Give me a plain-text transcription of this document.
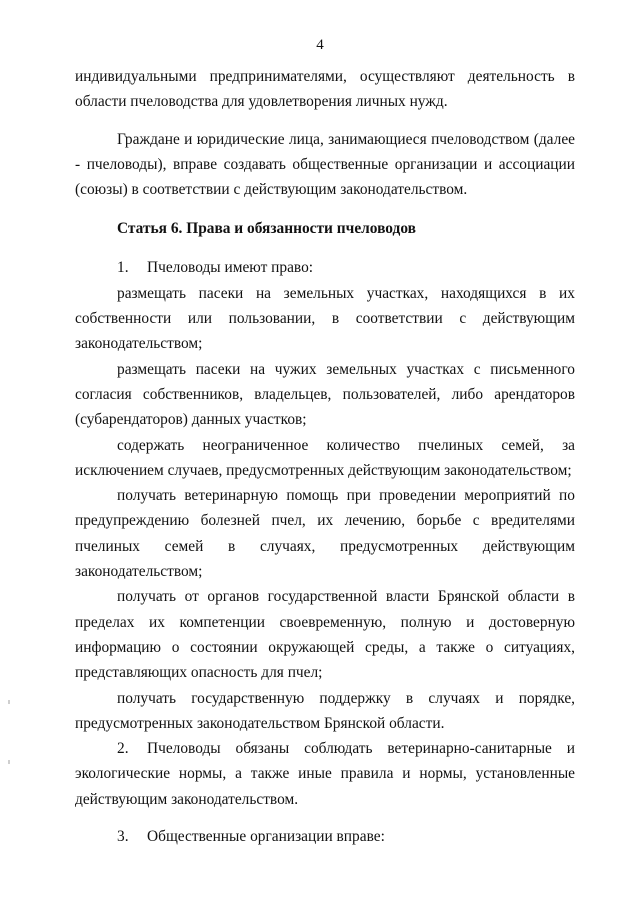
4

индивидуальными предпринимателями, осуществляют деятельность в области пчеловодства для удовлетворения личных нужд.

Граждане и юридические лица, занимающиеся пчеловодством (далее - пчеловоды), вправе создавать общественные организации и ассоциации (союзы) в соответствии с действующим законодательством.

Статья 6. Права и обязанности пчеловодов

1. Пчеловоды имеют право:

размещать пасеки на земельных участках, находящихся в их собственности или пользовании, в соответствии с действующим законодательством;

размещать пасеки на чужих земельных участках с письменного согласия собственников, владельцев, пользователей, либо арендаторов (субарендаторов) данных участков;

содержать неограниченное количество пчелиных семей, за исключением случаев, предусмотренных действующим законодательством;

получать ветеринарную помощь при проведении мероприятий по предупреждению болезней пчел, их лечению, борьбе с вредителями пчелиных семей в случаях, предусмотренных действующим законодательством;

получать от органов государственной власти Брянской области в пределах их компетенции своевременную, полную и достоверную информацию о состоянии окружающей среды, а также о ситуациях, представляющих опасность для пчел;

получать государственную поддержку в случаях и порядке, предусмотренных законодательством Брянской области.

2. Пчеловоды обязаны соблюдать ветеринарно-санитарные и экологические нормы, а также иные правила и нормы, установленные действующим законодательством.

3. Общественные организации вправе:
